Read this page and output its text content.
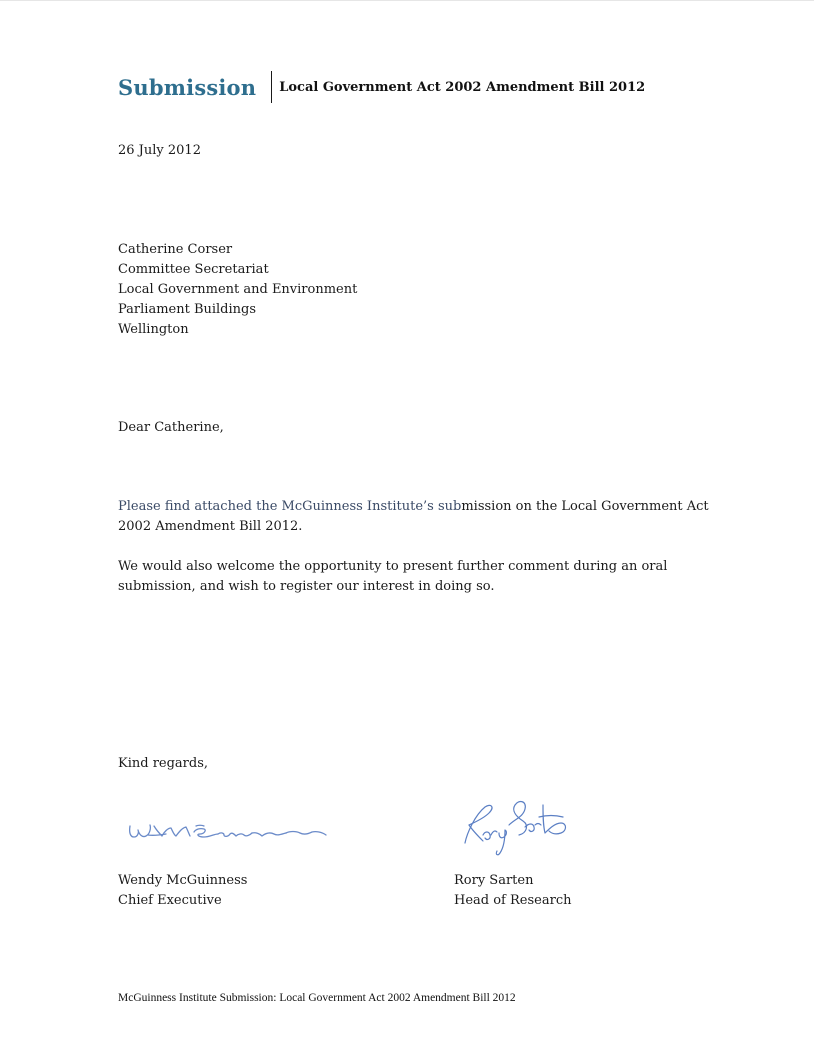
Submission Local Government Act 2002 Amendment Bill 2012
26 July 2012
Catherine Corser
Committee Secretariat
Local Government and Environment
Parliament Buildings
Wellington
Dear Catherine,
Please find attached the McGuinness Institute’s submission on the Local Government Act
2002 Amendment Bill 2012.
We would also welcome the opportunity to present further comment during an oral
submission, and wish to register our interest in doing so.
Kind regards,
Wendy McGuinness
Chief Executive
Rory Sarten
Head of Research
McGuinness Institute Submission: Local Government Act 2002 Amendment Bill 2012
